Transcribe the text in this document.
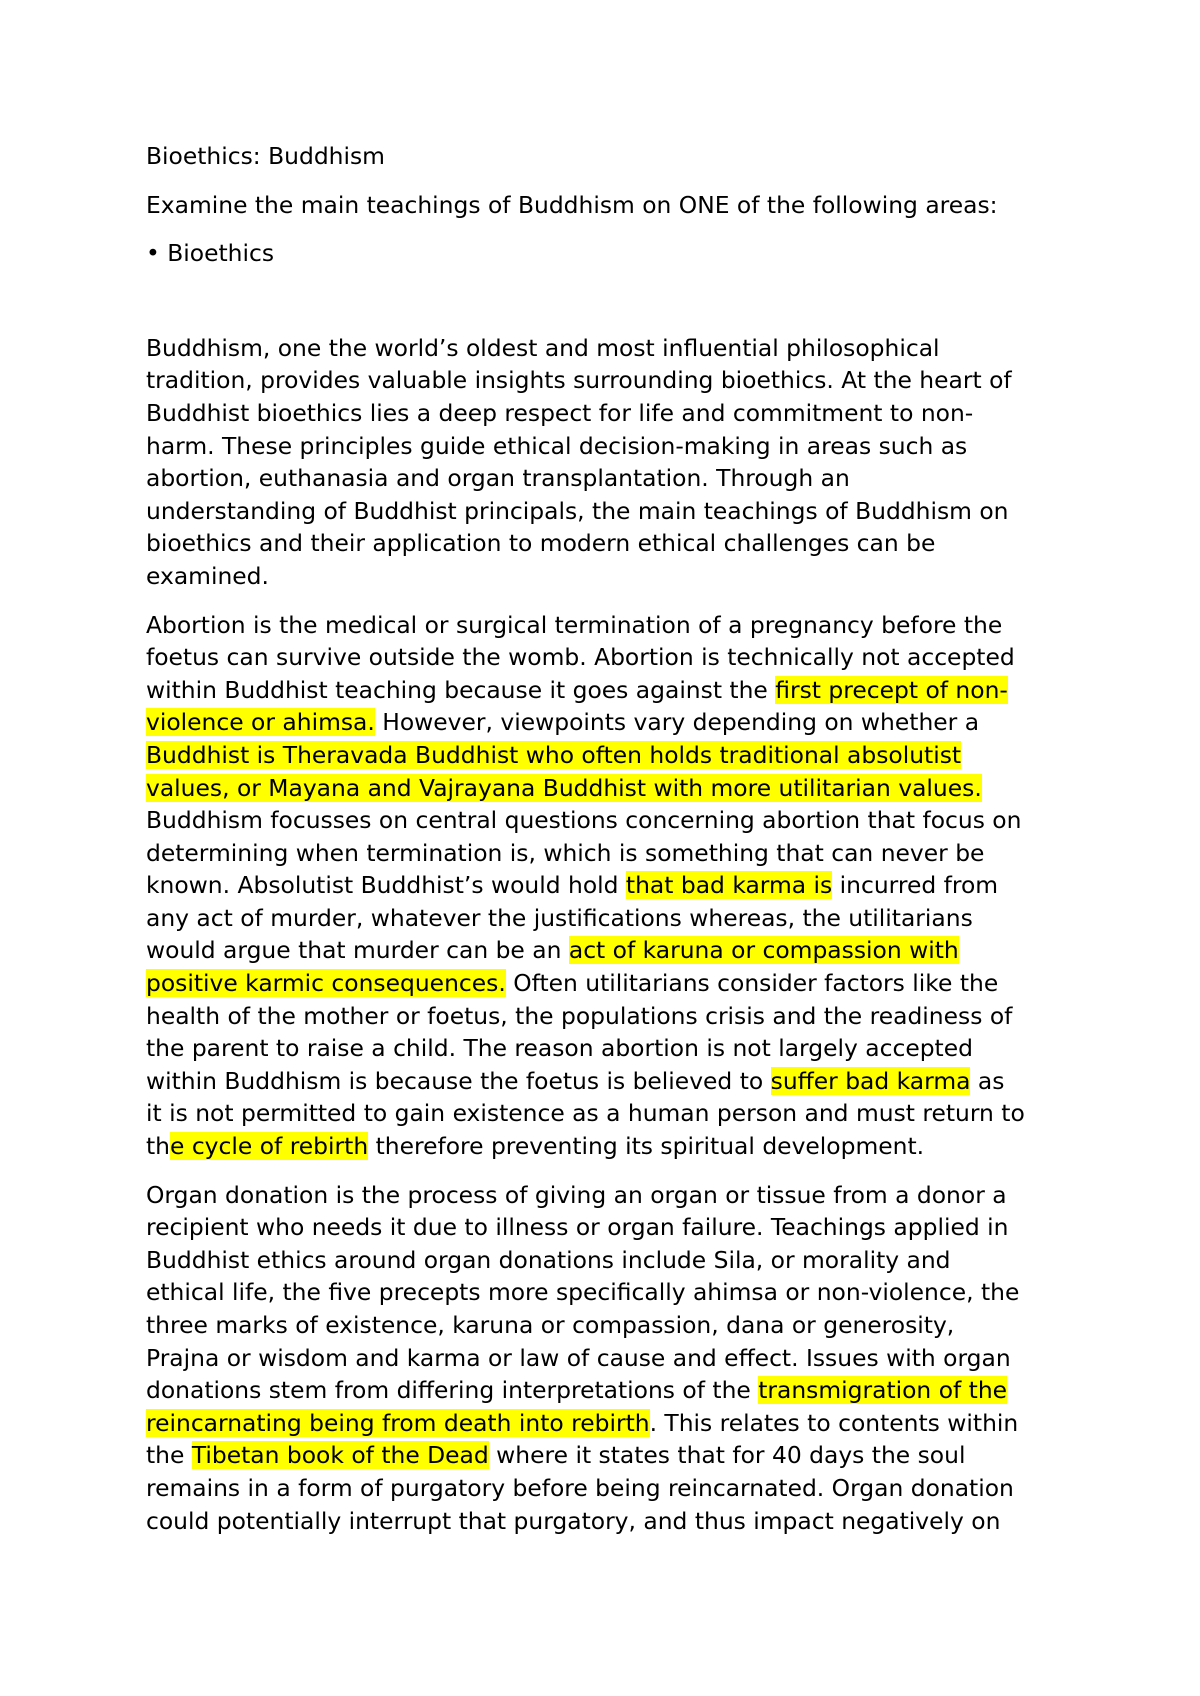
Bioethics: Buddhism
Examine the main teachings of Buddhism on ONE of the following areas:
• Bioethics
Buddhism, one the world’s oldest and most influential philosophical
tradition, provides valuable insights surrounding bioethics. At the heart of
Buddhist bioethics lies a deep respect for life and commitment to non-
harm. These principles guide ethical decision-making in areas such as
abortion, euthanasia and organ transplantation. Through an
understanding of Buddhist principals, the main teachings of Buddhism on
bioethics and their application to modern ethical challenges can be
examined.
Abortion is the medical or surgical termination of a pregnancy before the
foetus can survive outside the womb. Abortion is technically not accepted
within Buddhist teaching because it goes against the first precept of non-
violence or ahimsa. However, viewpoints vary depending on whether a
Buddhist is Theravada Buddhist who often holds traditional absolutist
values, or Mayana and Vajrayana Buddhist with more utilitarian values.
Buddhism focusses on central questions concerning abortion that focus on
determining when termination is, which is something that can never be
known. Absolutist Buddhist’s would hold that bad karma is incurred from
any act of murder, whatever the justifications whereas, the utilitarians
would argue that murder can be an act of karuna or compassion with
positive karmic consequences. Often utilitarians consider factors like the
health of the mother or foetus, the populations crisis and the readiness of
the parent to raise a child. The reason abortion is not largely accepted
within Buddhism is because the foetus is believed to suffer bad karma as
it is not permitted to gain existence as a human person and must return to
the cycle of rebirth therefore preventing its spiritual development.
Organ donation is the process of giving an organ or tissue from a donor a
recipient who needs it due to illness or organ failure. Teachings applied in
Buddhist ethics around organ donations include Sila, or morality and
ethical life, the five precepts more specifically ahimsa or non-violence, the
three marks of existence, karuna or compassion, dana or generosity,
Prajna or wisdom and karma or law of cause and effect. Issues with organ
donations stem from differing interpretations of the transmigration of the
reincarnating being from death into rebirth. This relates to contents within
the Tibetan book of the Dead where it states that for 40 days the soul
remains in a form of purgatory before being reincarnated. Organ donation
could potentially interrupt that purgatory, and thus impact negatively on
